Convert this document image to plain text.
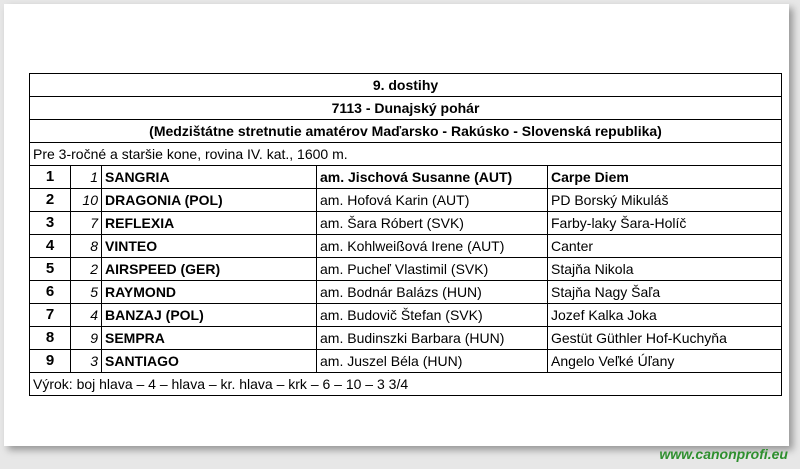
9. dostihy				
7113 - Dunajský pohár				
(Medzištátne stretnutie amatérov Maďarsko - Rakúsko - Slovenská republika)				
Pre 3-ročné a staršie kone, rovina IV. kat., 1600 m.				
1	1	SANGRIA	am. Jischová Susanne (AUT)	Carpe Diem
2	10	DRAGONIA (POL)	am. Hofová Karin (AUT)	PD Borský Mikuláš
3	7	REFLEXIA	am. Šara Róbert (SVK)	Farby-laky Šara-Holíč
4	8	VINTEO	am. Kohlweißová Irene (AUT)	Canter
5	2	AIRSPEED (GER)	am. Pucheľ Vlastimil (SVK)	Stajňa Nikola
6	5	RAYMOND	am. Bodnár Balázs (HUN)	Stajňa Nagy Šaľa
7	4	BANZAJ (POL)	am. Budovič Štefan (SVK)	Jozef Kalka Joka
8	9	SEMPRA	am. Budinszki Barbara (HUN)	Gestüt Güthler Hof-Kuchyňa
9	3	SANTIAGO	am. Juszel Béla (HUN)	Angelo Veľké Úľany
Výrok: boj hlava – 4 – hlava – kr. hlava – krk – 6 – 10 – 3 3/4				
www.canonprofi.eu
